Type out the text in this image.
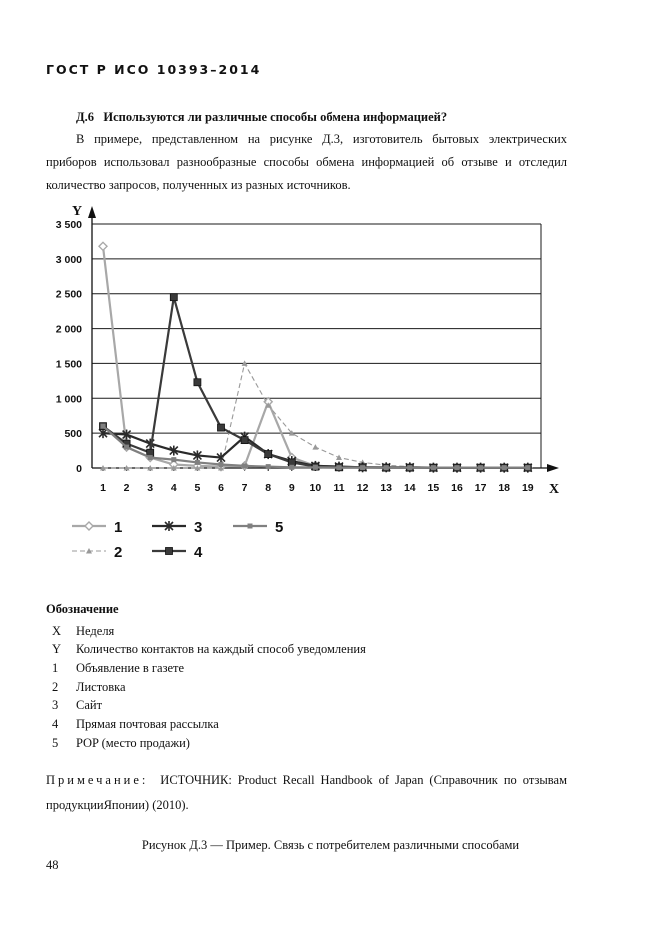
ГОСТ Р ИСО 10393–2014
Д.6 Используются ли различные способы обмена информацией?

В примере, представленном на рисунке Д.3, изготовитель бытовых электрических приборов использовал разнообразные способы обмена информацией об отзыве и отследил количество запросов, полученных из разных источников.

0
500
1 000
1 500
2 000
2 500
3 000
3 500
Y
X
1 2 3 4 5 6 7 8 9 10 11 12 13 14 15 16 17 18 19
1
2
3
4
5
Обозначение
X	Неделя
Y	Количество контактов на каждый способ уведомления
1	Объявление в газете
2	Листовка
3	Сайт
4	Прямая почтовая рассылка
5	POP (место продажи)
Примечание: ИСТОЧНИК: Product Recall Handbook of Japan (Справочник по отзывам продукцииЯпонии) (2010).
Рисунок Д.3 — Пример. Связь с потребителем различными способами
48
